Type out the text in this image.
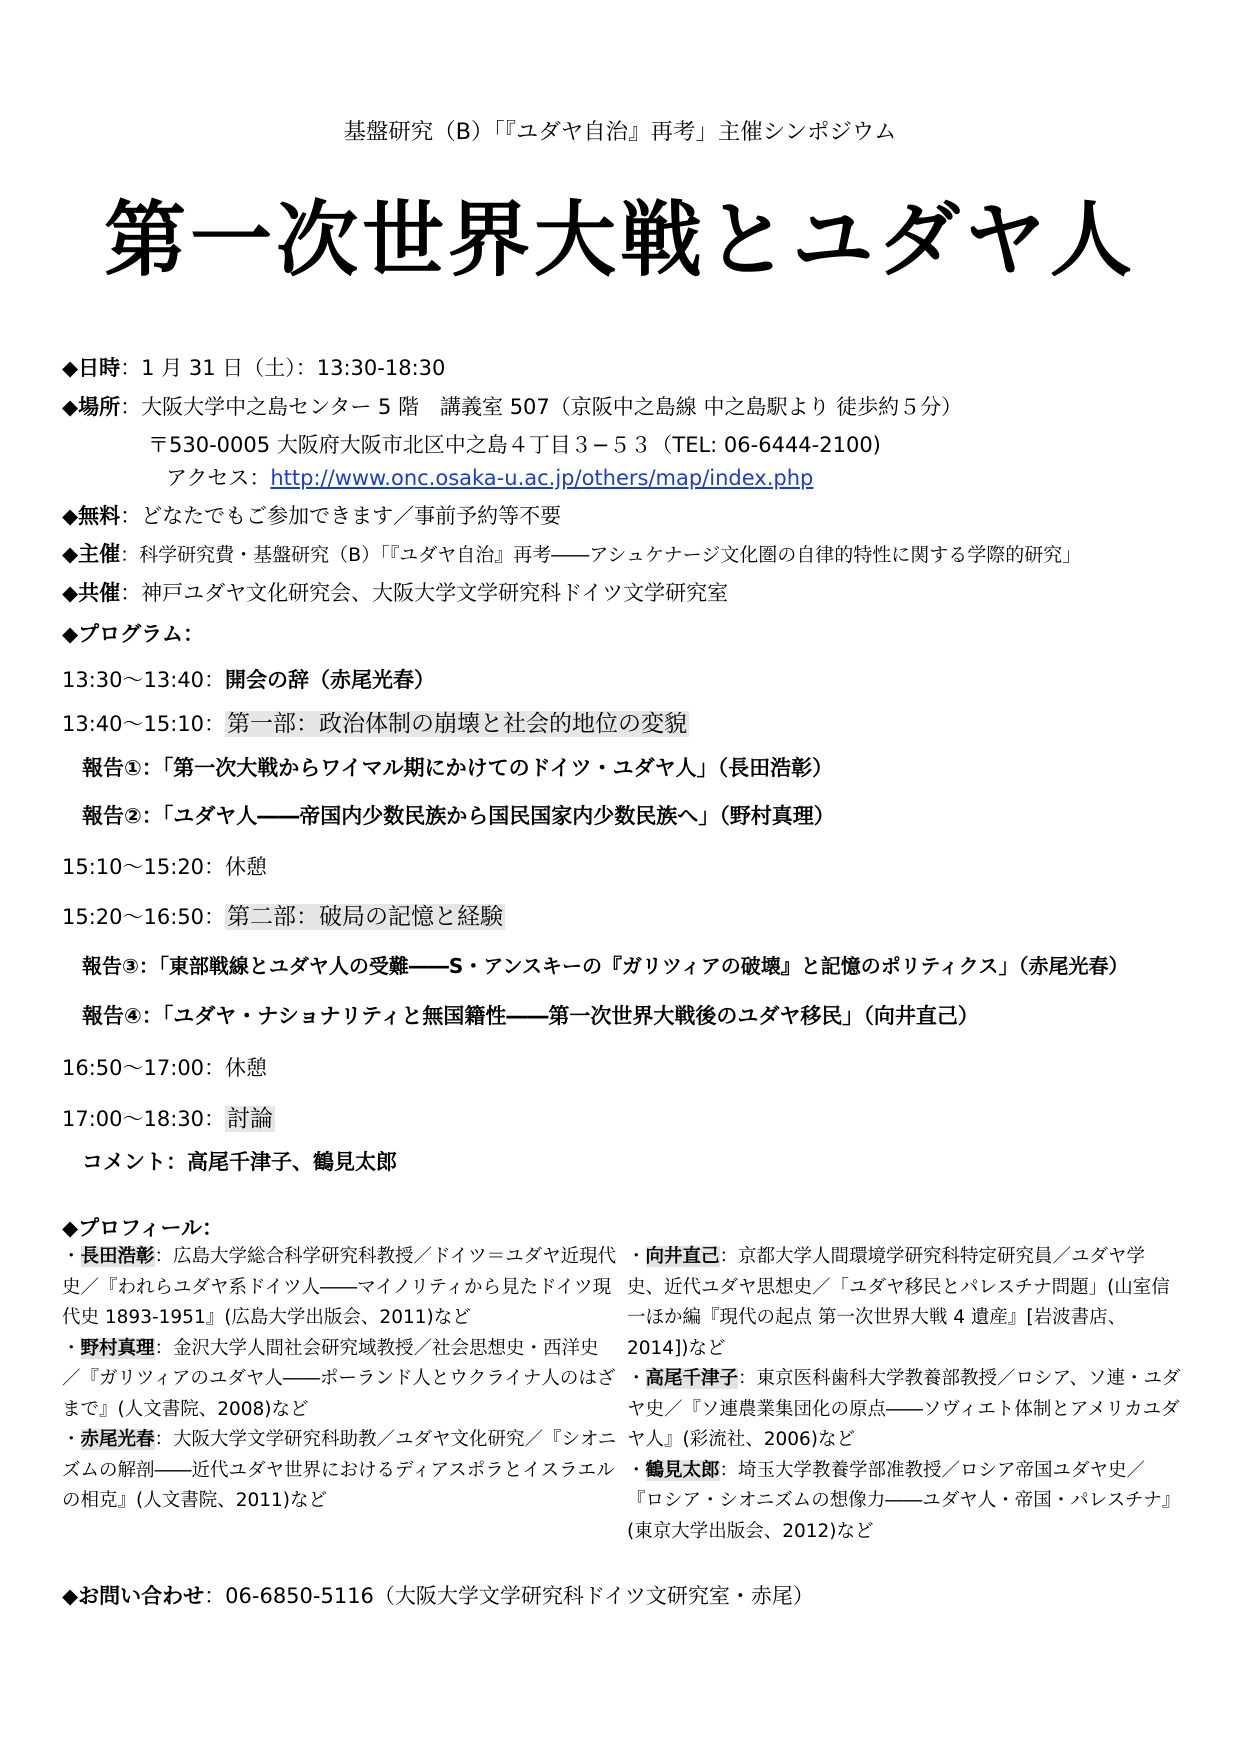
基盤研究（B）「『ユダヤ自治』再考」主催シンポジウム
第一次世界大戦とユダヤ人
◆日時：1 月 31 日（土）：13:30-18:30
◆場所：大阪大学中之島センター 5 階　講義室 507（京阪中之島線 中之島駅より 徒歩約５分）
〒530-0005 大阪府大阪市北区中之島４丁目３−５３（TEL: 06-6444-2100)
アクセス：http://www.onc.osaka-u.ac.jp/others/map/index.php
◆無料：どなたでもご参加できます／事前予約等不要
◆主催：科学研究費・基盤研究（B）「『ユダヤ自治』再考――アシュケナージ文化圏の自律的特性に関する学際的研究」
◆共催：神戸ユダヤ文化研究会、大阪大学文学研究科ドイツ文学研究室
◆プログラム：
13:30〜13:40：開会の辞（赤尾光春）
13:40〜15:10：第一部：政治体制の崩壊と社会的地位の変貌
報告①：「第一次大戦からワイマル期にかけてのドイツ・ユダヤ人」（長田浩彰）
報告②：「ユダヤ人――帝国内少数民族から国民国家内少数民族へ」（野村真理）
15:10〜15:20：休憩
15:20〜16:50：第二部：破局の記憶と経験
報告③：「東部戦線とユダヤ人の受難――S・アンスキーの『ガリツィアの破壊』と記憶のポリティクス」（赤尾光春）
報告④：「ユダヤ・ナショナリティと無国籍性――第一次世界大戦後のユダヤ移民」（向井直己）
16:50〜17:00：休憩
17:00〜18:30：討論
コメント：高尾千津子、鶴見太郎
◆プロフィール：

・長田浩彰：広島大学総合科学研究科教授／ドイツ＝ユダヤ近現代史／『われらユダヤ系ドイツ人――マイノリティから見たドイツ現代史 1893-1951』(広島大学出版会、2011)など

・野村真理：金沢大学人間社会研究域教授／社会思想史・西洋史／『ガリツィアのユダヤ人――ポーランド人とウクライナ人のはざまで』(人文書院、2008)など

・赤尾光春：大阪大学文学研究科助教／ユダヤ文化研究／『シオニズムの解剖――近代ユダヤ世界におけるディアスポラとイスラエルの相克』(人文書院、2011)など

・向井直己：京都大学人間環境学研究科特定研究員／ユダヤ学史、近代ユダヤ思想史／「ユダヤ移民とパレスチナ問題」(山室信一ほか編『現代の起点 第一次世界大戦 4 遺産』[岩波書店、2014])など

・高尾千津子：東京医科歯科大学教養部教授／ロシア、ソ連・ユダヤ史／『ソ連農業集団化の原点――ソヴィエト体制とアメリカユダヤ人』(彩流社、2006)など

・鶴見太郎：埼玉大学教養学部准教授／ロシア帝国ユダヤ史／『ロシア・シオニズムの想像力――ユダヤ人・帝国・パレスチナ』(東京大学出版会、2012)など

◆お問い合わせ：06-6850-5116（大阪大学文学研究科ドイツ文研究室・赤尾）
